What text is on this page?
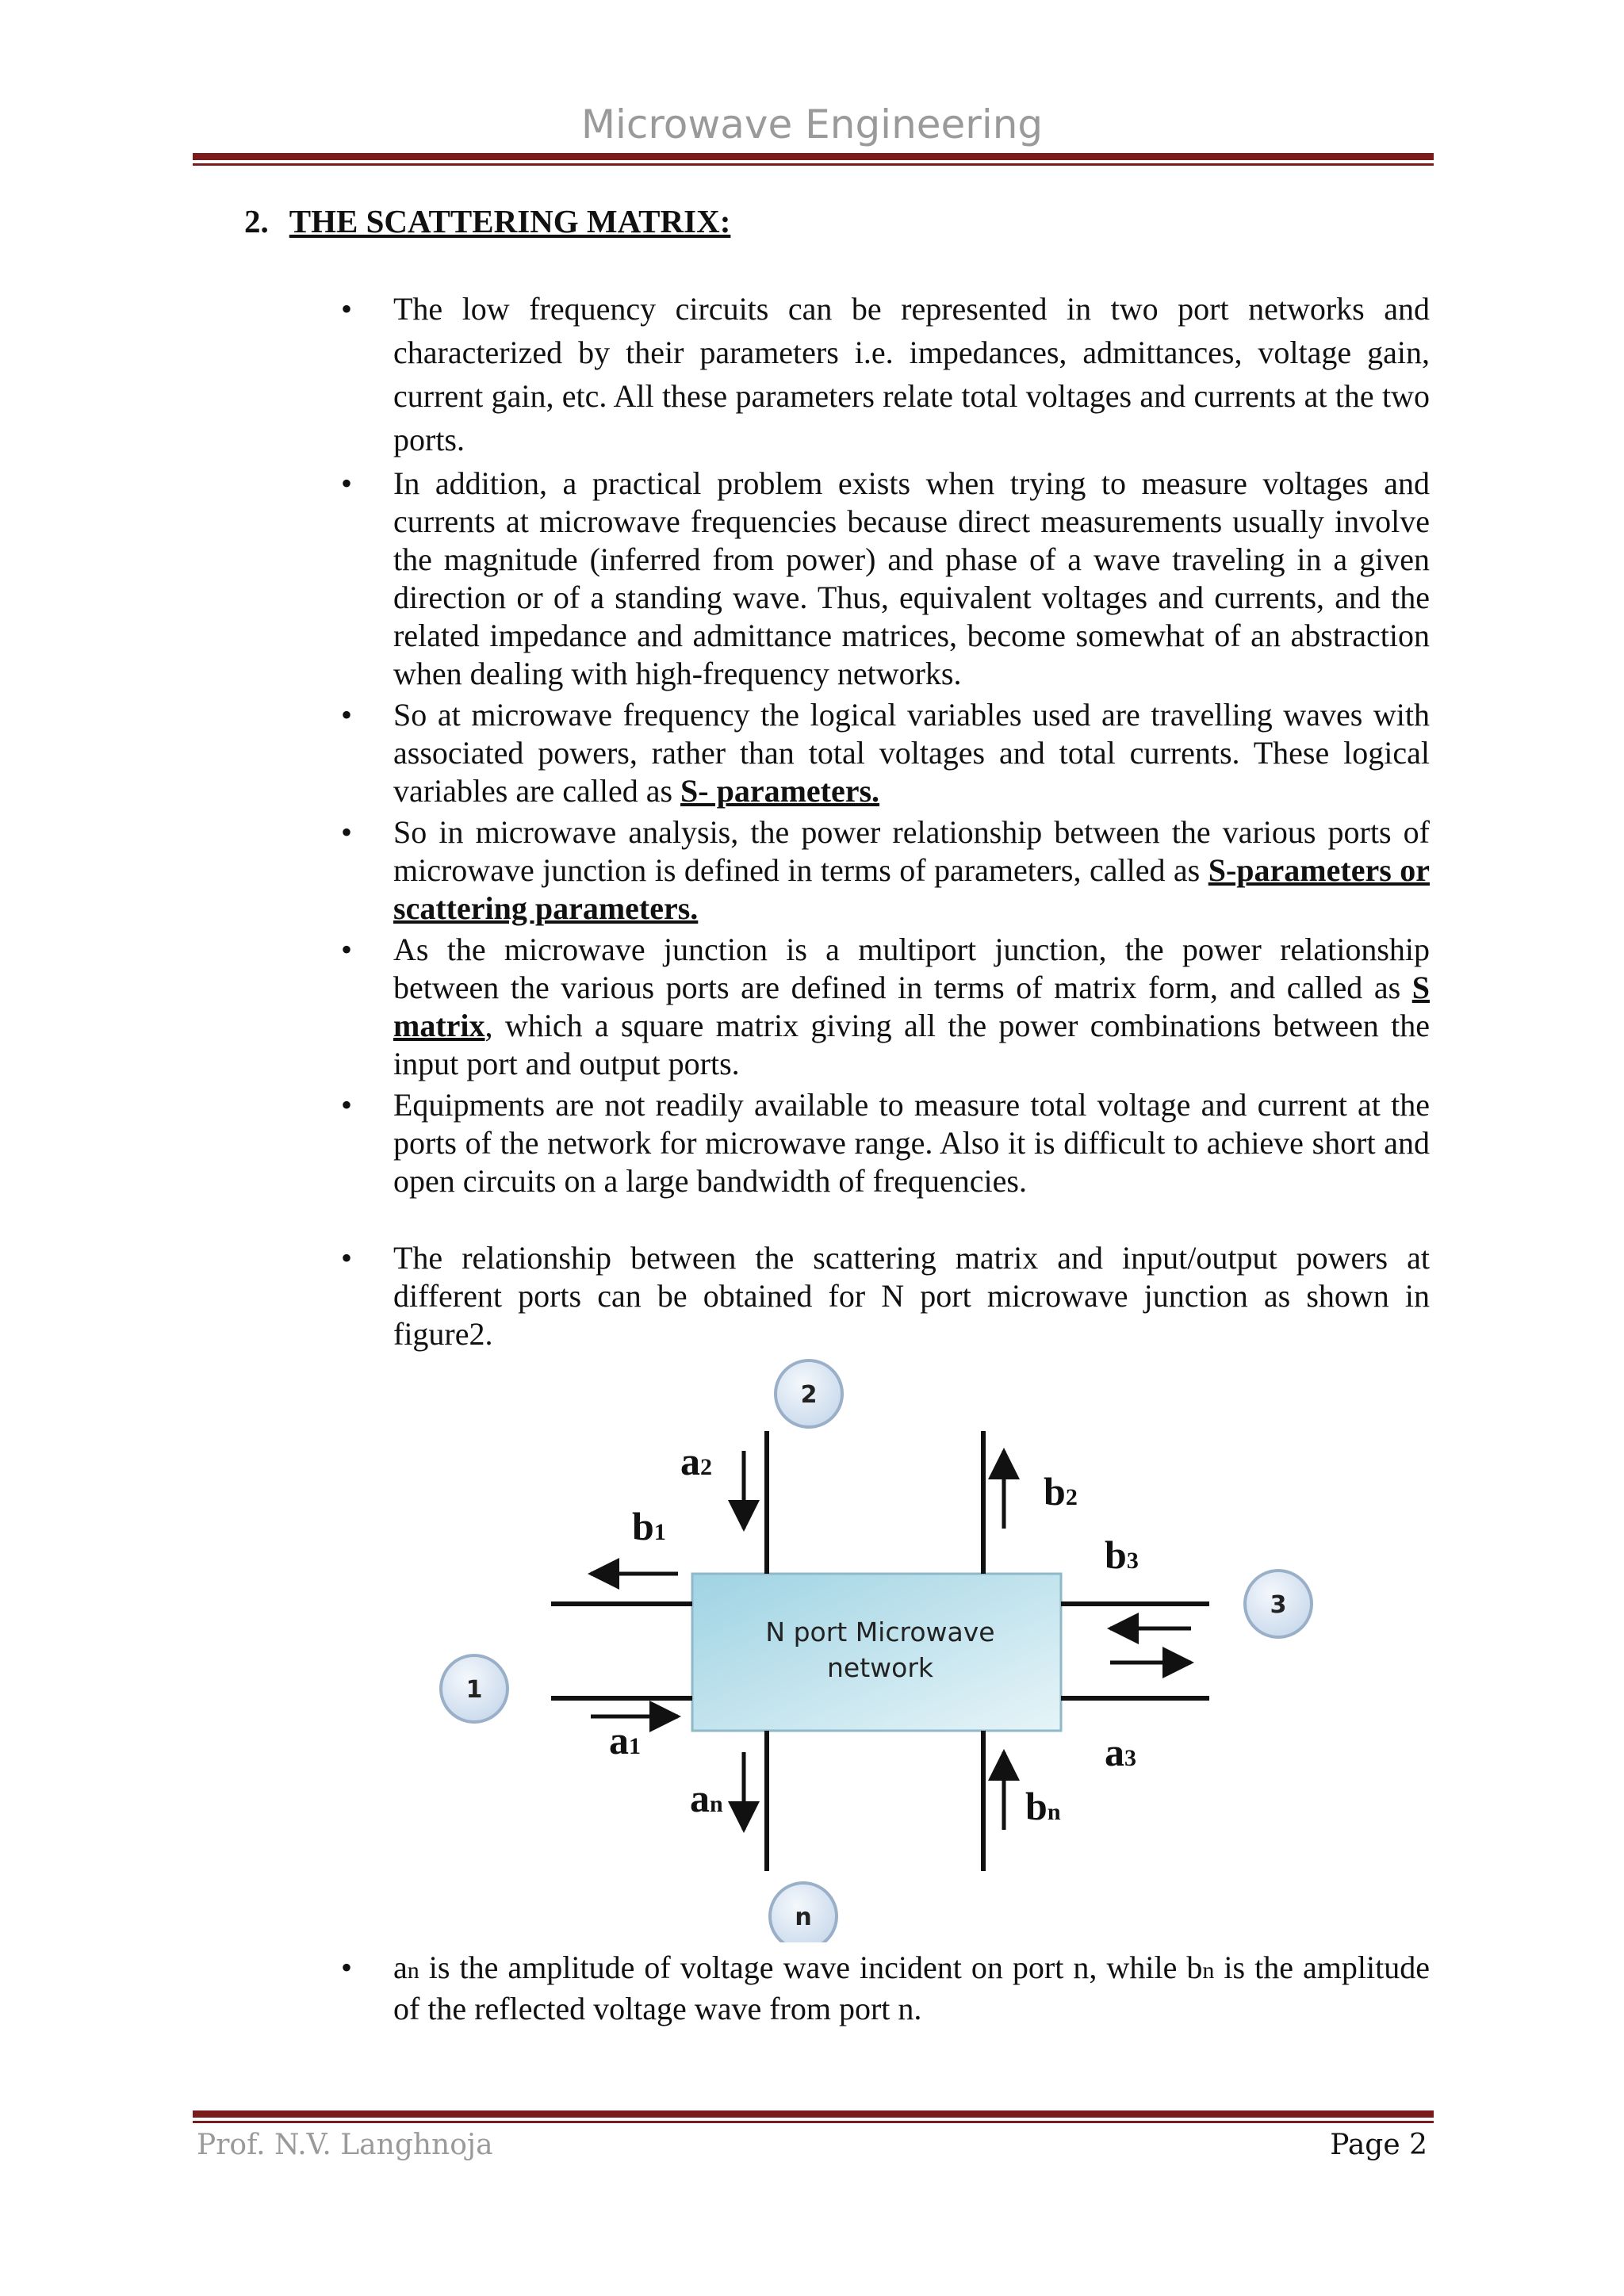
Microwave Engineering
2. THE SCATTERING MATRIX:
• The low frequency circuits can be represented in two port networks and characterized by their parameters i.e. impedances, admittances, voltage gain, current gain, etc. All these parameters relate total voltages and currents at the two ports.
• In addition, a practical problem exists when trying to measure voltages and currents at microwave frequencies because direct measurements usually involve the magnitude (inferred from power) and phase of a wave traveling in a given direction or of a standing wave. Thus, equivalent voltages and currents, and the related impedance and admittance matrices, become somewhat of an abstraction when dealing with high-frequency networks.
• So at microwave frequency the logical variables used are travelling waves with associated powers, rather than total voltages and total currents. These logical variables are called as S- parameters.
• So in microwave analysis, the power relationship between the various ports of microwave junction is defined in terms of parameters, called as S-parameters or scattering parameters.
• As the microwave junction is a multiport junction, the power relationship between the various ports are defined in terms of matrix form, and called as S matrix, which a square matrix giving all the power combinations between the input port and output ports.
• Equipments are not readily available to measure total voltage and current at the ports of the network for microwave range. Also it is difficult to achieve short and open circuits on a large bandwidth of frequencies.
• The relationship between the scattering matrix and input/output powers at different ports can be obtained for N port microwave junction as shown in figure2.
N port Microwave
network
b1
a2
b2
b3
a1	a3
an	bn
2
3
1
n
• an is the amplitude of voltage wave incident on port n, while bn is the amplitude of the reflected voltage wave from port n.
Prof. N.V. Langhnoja	Page 2
